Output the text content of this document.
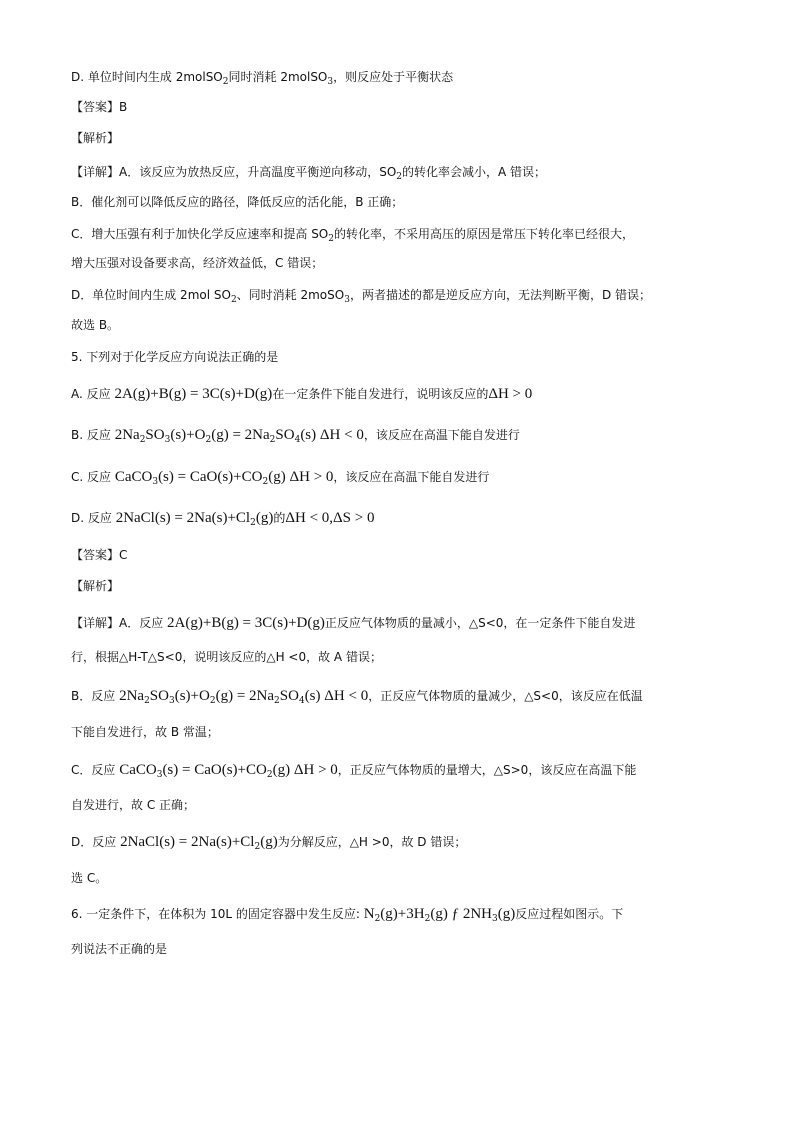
D. 单位时间内生成 2molSO$_2$同时消耗 2molSO$_3$，则反应处于平衡状态
【答案】B
【解析】
【详解】A．该反应为放热反应，升高温度平衡逆向移动，$SO_2$的转化率会减小，A 错误；
B．催化剂可以降低反应的路径，降低反应的活化能，B 正确；
C．增大压强有利于加快化学反应速率和提高 $SO_2$的转化率，不采用高压的原因是常压下转化率已经很大，
增大压强对设备要求高，经济效益低，C 错误；
D．单位时间内生成 2mol $SO_2$、同时消耗 2moSO$_3$，两者描述的都是逆反应方向，无法判断平衡，D 错误；
故选 B。
5. 下列对于化学反应方向说法正确的是
A. 反应 2A(g)+B(g) = 3C(s)+D(g)在一定条件下能自发进行，说明该反应的ΔH > 0
B. 反应 $2Na_2SO_3(s)+O_2(g) = 2Na_2SO_4(s) \Delta H < 0$，该反应在高温下能自发进行
C. 反应 CaCO$_3$(s) = $CaO(s)+CO_2(g) \Delta H > 0$，该反应在高温下能自发进行
D. 反应 2NaCl(s) = $2Na(s)+Cl_2(g)$的ΔH < 0,ΔS > 0
【答案】C
【解析】
【详解】A．反应 2A(g)+B(g) = 3C(s)+D(g)正反应气体物质的量减小，△S<0，在一定条件下能自发进
行，根据△H-T△S<0，说明该反应的△H <0，故 A 错误；
B．反应 $2Na_2SO_3(s)+O_2(g) = 2Na_2SO_4(s) \Delta H < 0$，正反应气体物质的量减少，△S<0，该反应在低温
下能自发进行，故 B 常温；
C．反应 CaCO$_3$(s) = $CaO(s)+CO_2(g) \Delta H > 0$，正反应气体物质的量增大，△S>0，该反应在高温下能
自发进行，故 C 正确；
D．反应 2NaCl(s) = $2Na(s)+Cl_2(g)$为分解反应，△H >0，故 D 错误；
选 C。
6. 一定条件下，在体积为 10L 的固定容器中发生反应: $N_2(g)+3H_2(g)$ ƒ $2NH_3(g)$反应过程如图示。下
列说法不正确的是
